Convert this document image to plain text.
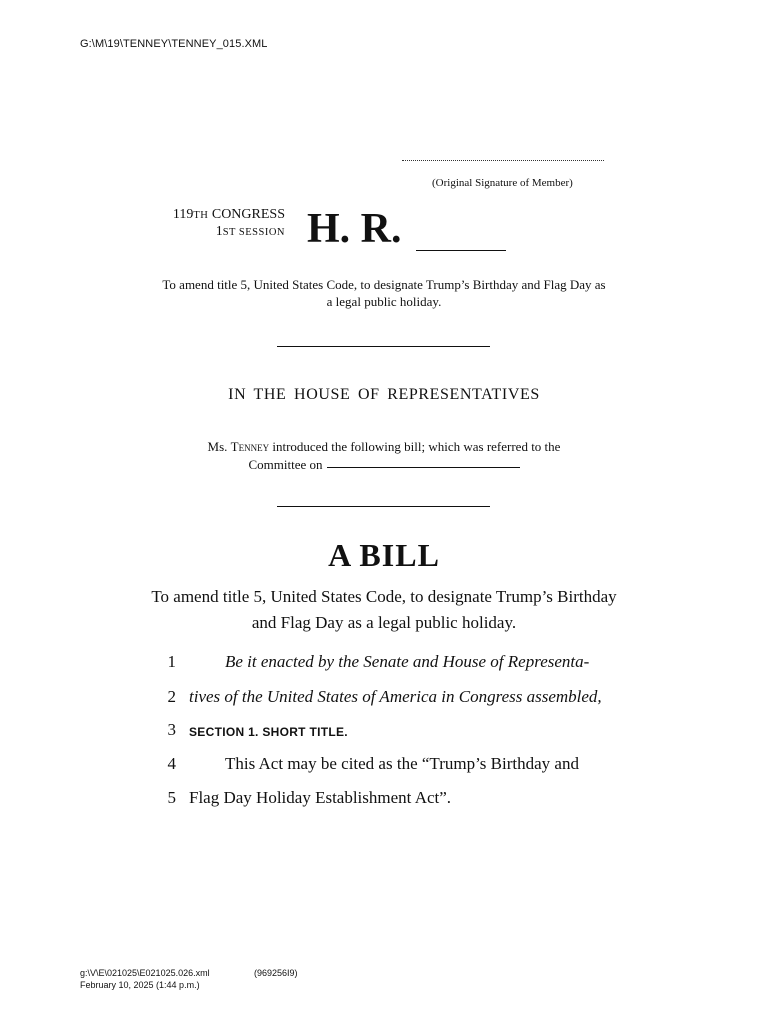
G:\M\19\TENNEY\TENNEY_015.XML
(Original Signature of Member)
119TH CONGRESS
1ST SESSION H. R.
To amend title 5, United States Code, to designate Trump’s Birthday and Flag Day as a legal public holiday.
IN THE HOUSE OF REPRESENTATIVES
Ms. Tenney introduced the following bill; which was referred to the
Committee on
A BILL
To amend title 5, United States Code, to designate Trump’s Birthday and Flag Day as a legal public holiday.
1	Be it enacted by the Senate and House of Representa-
2 tives of the United States of America in Congress assembled,
3 SECTION 1. SHORT TITLE.
4	This Act may be cited as the “Trump’s Birthday and
5 Flag Day Holiday Establishment Act”.
g:\V\E\021025\E021025.026.xml
February 10, 2025 (1:44 p.m.)
(969256I9)
